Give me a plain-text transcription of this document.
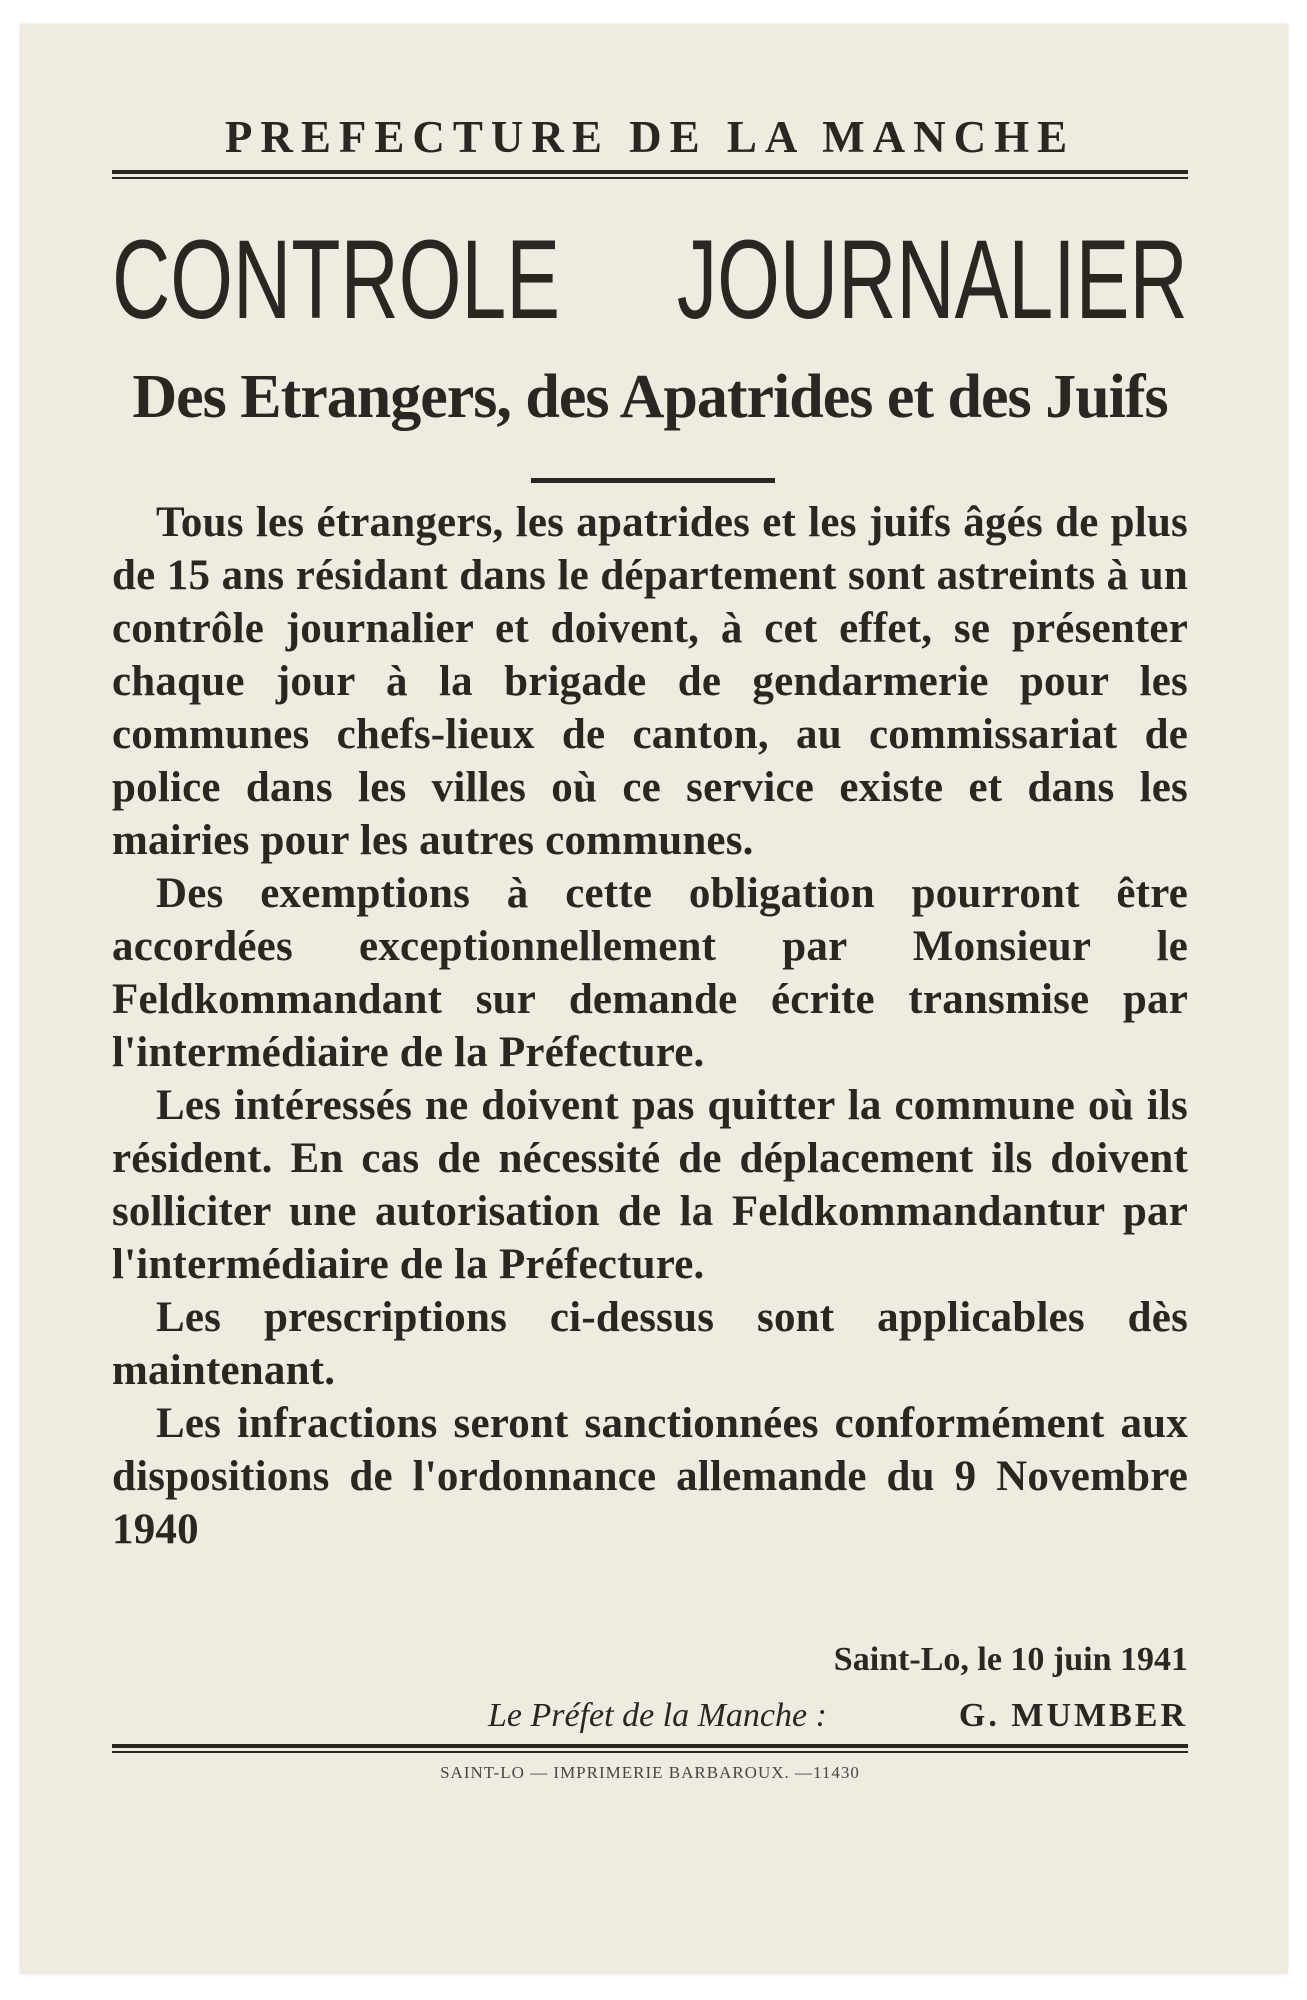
PREFECTURE DE LA MANCHE
CONTROLE JOURNALIER
Des Etrangers, des Apatrides et des Juifs

Tous les étrangers, les apatrides et les juifs âgés de plus de 15 ans résidant dans le département sont astreints à un contrôle journalier et doivent, à cet effet, se présenter chaque jour à la brigade de gendarmerie pour les communes chefs-lieux de canton, au commissariat de police dans les villes où ce service existe et dans les mairies pour les autres communes.

Des exemptions à cette obligation pourront être accordées exceptionnellement par Monsieur le Feldkommandant sur demande écrite transmise par l'intermédiaire de la Préfecture.

Les intéressés ne doivent pas quitter la commune où ils résident. En cas de nécessité de déplacement ils doivent solliciter une autorisation de la Feldkommandantur par l'intermédiaire de la Préfecture.

Les prescriptions ci-dessus sont applicables dès maintenant.

Les infractions seront sanctionnées conformément aux dispositions de l'ordonnance allemande du 9 Novembre 1940

Saint-Lo, le 10 juin 1941
Le Préfet de la Manche :	G. MUMBER
SAINT-LO — IMPRIMERIE BARBAROUX. —11430
